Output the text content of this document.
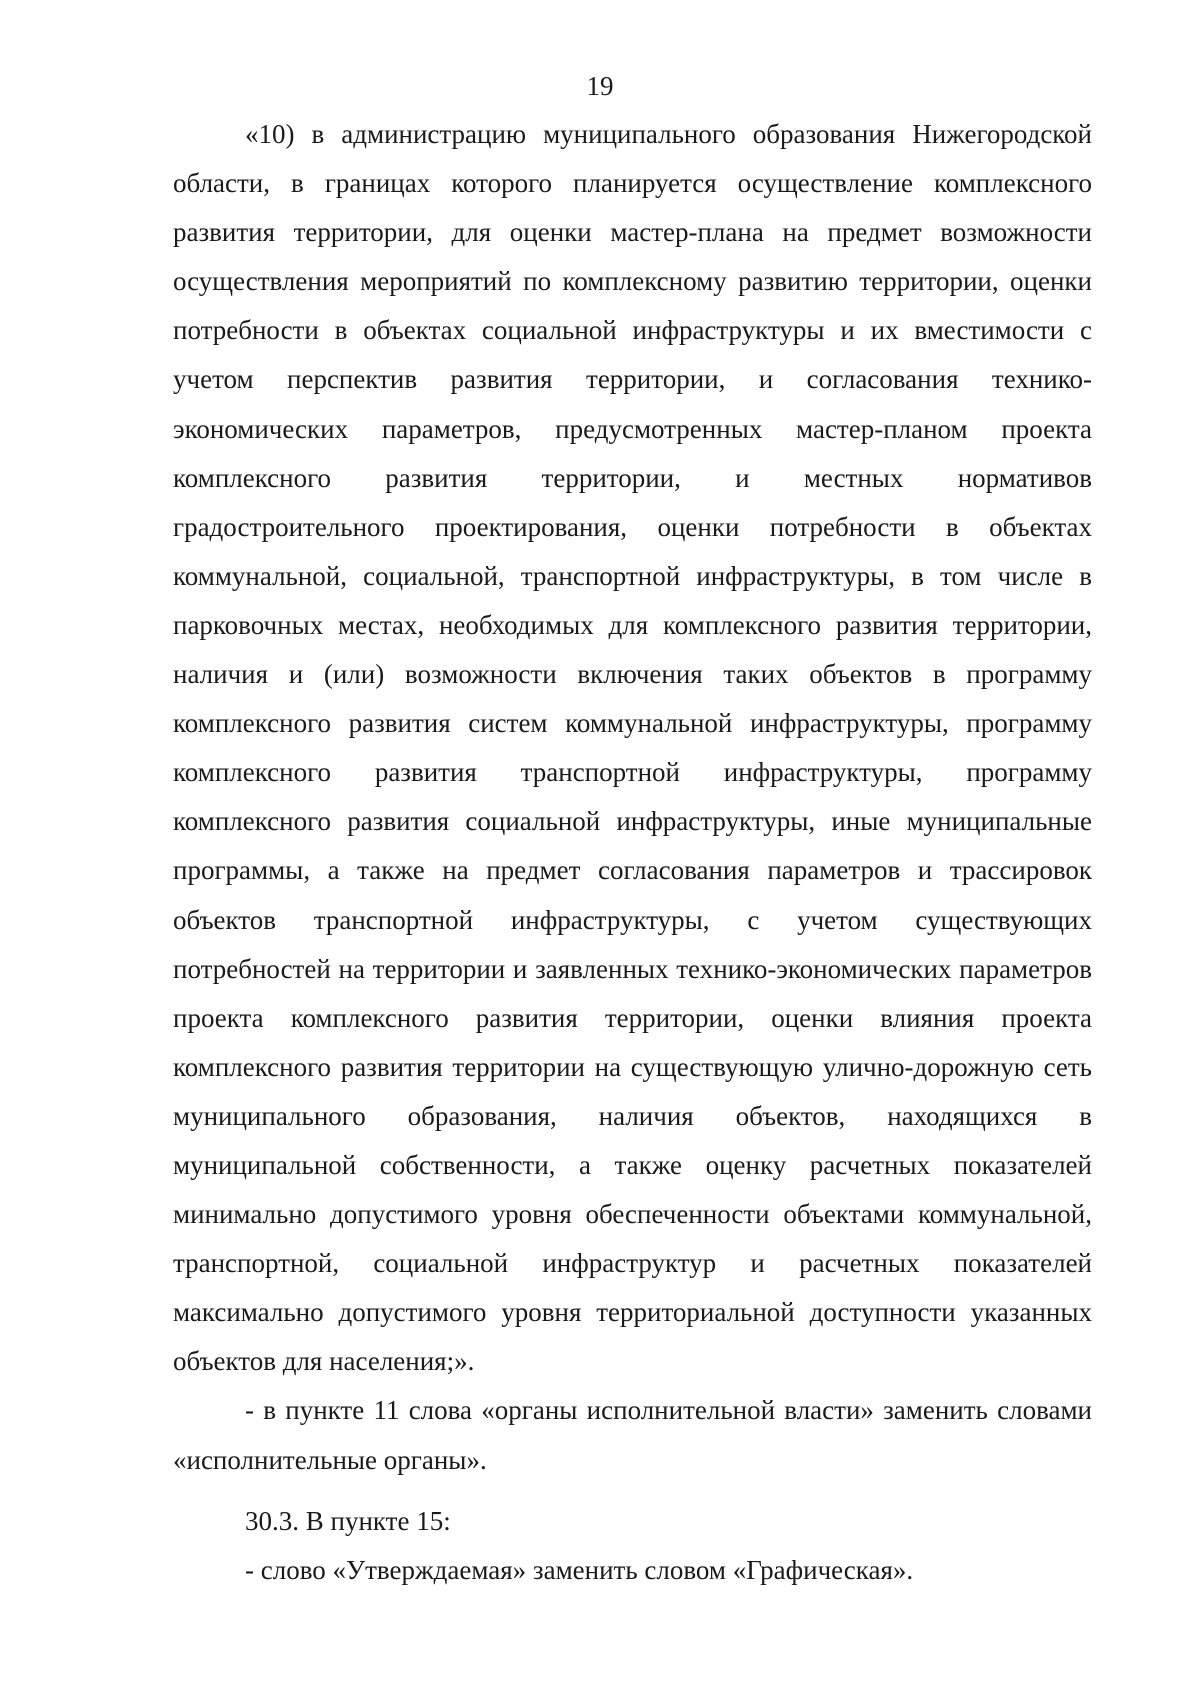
19

«10) в администрацию муниципального образования Нижегородской области, в границах которого планируется осуществление комплексного развития территории, для оценки мастер-плана на предмет возможности осуществления мероприятий по комплексному развитию территории, оценки потребности в объектах социальной инфраструктуры и их вместимости с учетом перспектив развития территории, и согласования технико-экономических параметров, предусмотренных мастер-планом проекта комплексного развития территории, и местных нормативов градостроительного проектирования, оценки потребности в объектах коммунальной, социальной, транспортной инфраструктуры, в том числе в парковочных местах, необходимых для комплексного развития территории, наличия и (или) возможности включения таких объектов в программу комплексного развития систем коммунальной инфраструктуры, программу комплексного развития транспортной инфраструктуры, программу комплексного развития социальной инфраструктуры, иные муниципальные программы, а также на предмет согласования параметров и трассировок объектов транспортной инфраструктуры, с учетом существующих потребностей на территории и заявленных технико-экономических параметров проекта комплексного развития территории, оценки влияния проекта комплексного развития территории на существующую улично-дорожную сеть муниципального образования, наличия объектов, находящихся в муниципальной собственности, а также оценку расчетных показателей минимально допустимого уровня обеспеченности объектами коммунальной, транспортной, социальной инфраструктур и расчетных показателей максимально допустимого уровня территориальной доступности указанных объектов для населения;».

- в пункте 11 слова «органы исполнительной власти» заменить словами «исполнительные органы».

30.3. В пункте 15:

- слово «Утверждаемая» заменить словом «Графическая».
